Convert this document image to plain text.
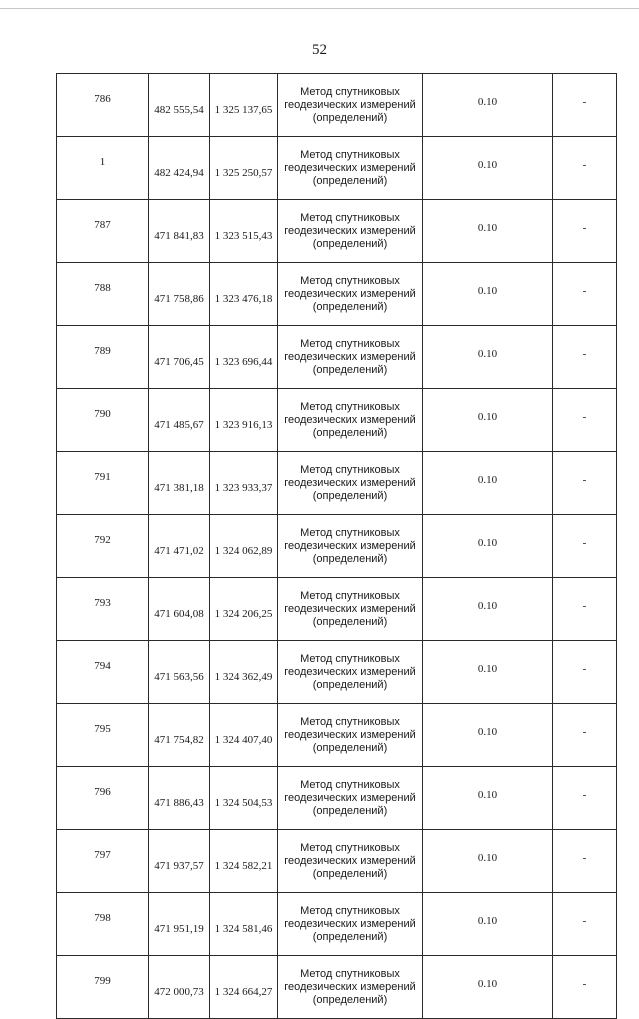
52
786	482 555,54	1 325 137,65	Метод спутниковых геодезических измерений (определений)	0.10	-
1	482 424,94	1 325 250,57	Метод спутниковых геодезических измерений (определений)	0.10	-
787	471 841,83	1 323 515,43	Метод спутниковых геодезических измерений (определений)	0.10	-
788	471 758,86	1 323 476,18	Метод спутниковых геодезических измерений (определений)	0.10	-
789	471 706,45	1 323 696,44	Метод спутниковых геодезических измерений (определений)	0.10	-
790	471 485,67	1 323 916,13	Метод спутниковых геодезических измерений (определений)	0.10	-
791	471 381,18	1 323 933,37	Метод спутниковых геодезических измерений (определений)	0.10	-
792	471 471,02	1 324 062,89	Метод спутниковых геодезических измерений (определений)	0.10	-
793	471 604,08	1 324 206,25	Метод спутниковых геодезических измерений (определений)	0.10	-
794	471 563,56	1 324 362,49	Метод спутниковых геодезических измерений (определений)	0.10	-
795	471 754,82	1 324 407,40	Метод спутниковых геодезических измерений (определений)	0.10	-
796	471 886,43	1 324 504,53	Метод спутниковых геодезических измерений (определений)	0.10	-
797	471 937,57	1 324 582,21	Метод спутниковых геодезических измерений (определений)	0.10	-
798	471 951,19	1 324 581,46	Метод спутниковых геодезических измерений (определений)	0.10	-
799	472 000,73	1 324 664,27	Метод спутниковых геодезических измерений (определений)	0.10	-
